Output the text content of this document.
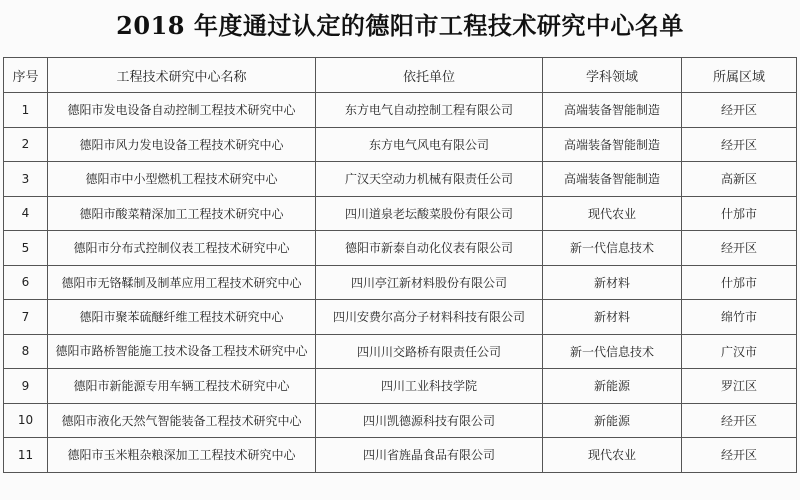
2018 年度通过认定的德阳市工程技术研究中心名单
序号	工程技术研究中心名称	依托单位	学科领域	所属区域
1	德阳市发电设备自动控制工程技术研究中心	东方电气自动控制工程有限公司	高端装备智能制造	经开区
2	德阳市风力发电设备工程技术研究中心	东方电气风电有限公司	高端装备智能制造	经开区
3	德阳市中小型燃机工程技术研究中心	广汉天空动力机械有限责任公司	高端装备智能制造	高新区
4	德阳市酸菜精深加工工程技术研究中心	四川道泉老坛酸菜股份有限公司	现代农业	什邡市
5	德阳市分布式控制仪表工程技术研究中心	德阳市新泰自动化仪表有限公司	新一代信息技术	经开区
6	德阳市无铬鞣制及制革应用工程技术研究中心	四川亭江新材料股份有限公司	新材料	什邡市
7	德阳市聚苯硫醚纤维工程技术研究中心	四川安费尔高分子材料科技有限公司	新材料	绵竹市
8	德阳市路桥智能施工技术设备工程技术研究中心	四川川交路桥有限责任公司	新一代信息技术	广汉市
9	德阳市新能源专用车辆工程技术研究中心	四川工业科技学院	新能源	罗江区
10	德阳市液化天然气智能装备工程技术研究中心	四川凯德源科技有限公司	新能源	经开区
11	德阳市玉米粗杂粮深加工工程技术研究中心	四川省旌晶食品有限公司	现代农业	经开区
